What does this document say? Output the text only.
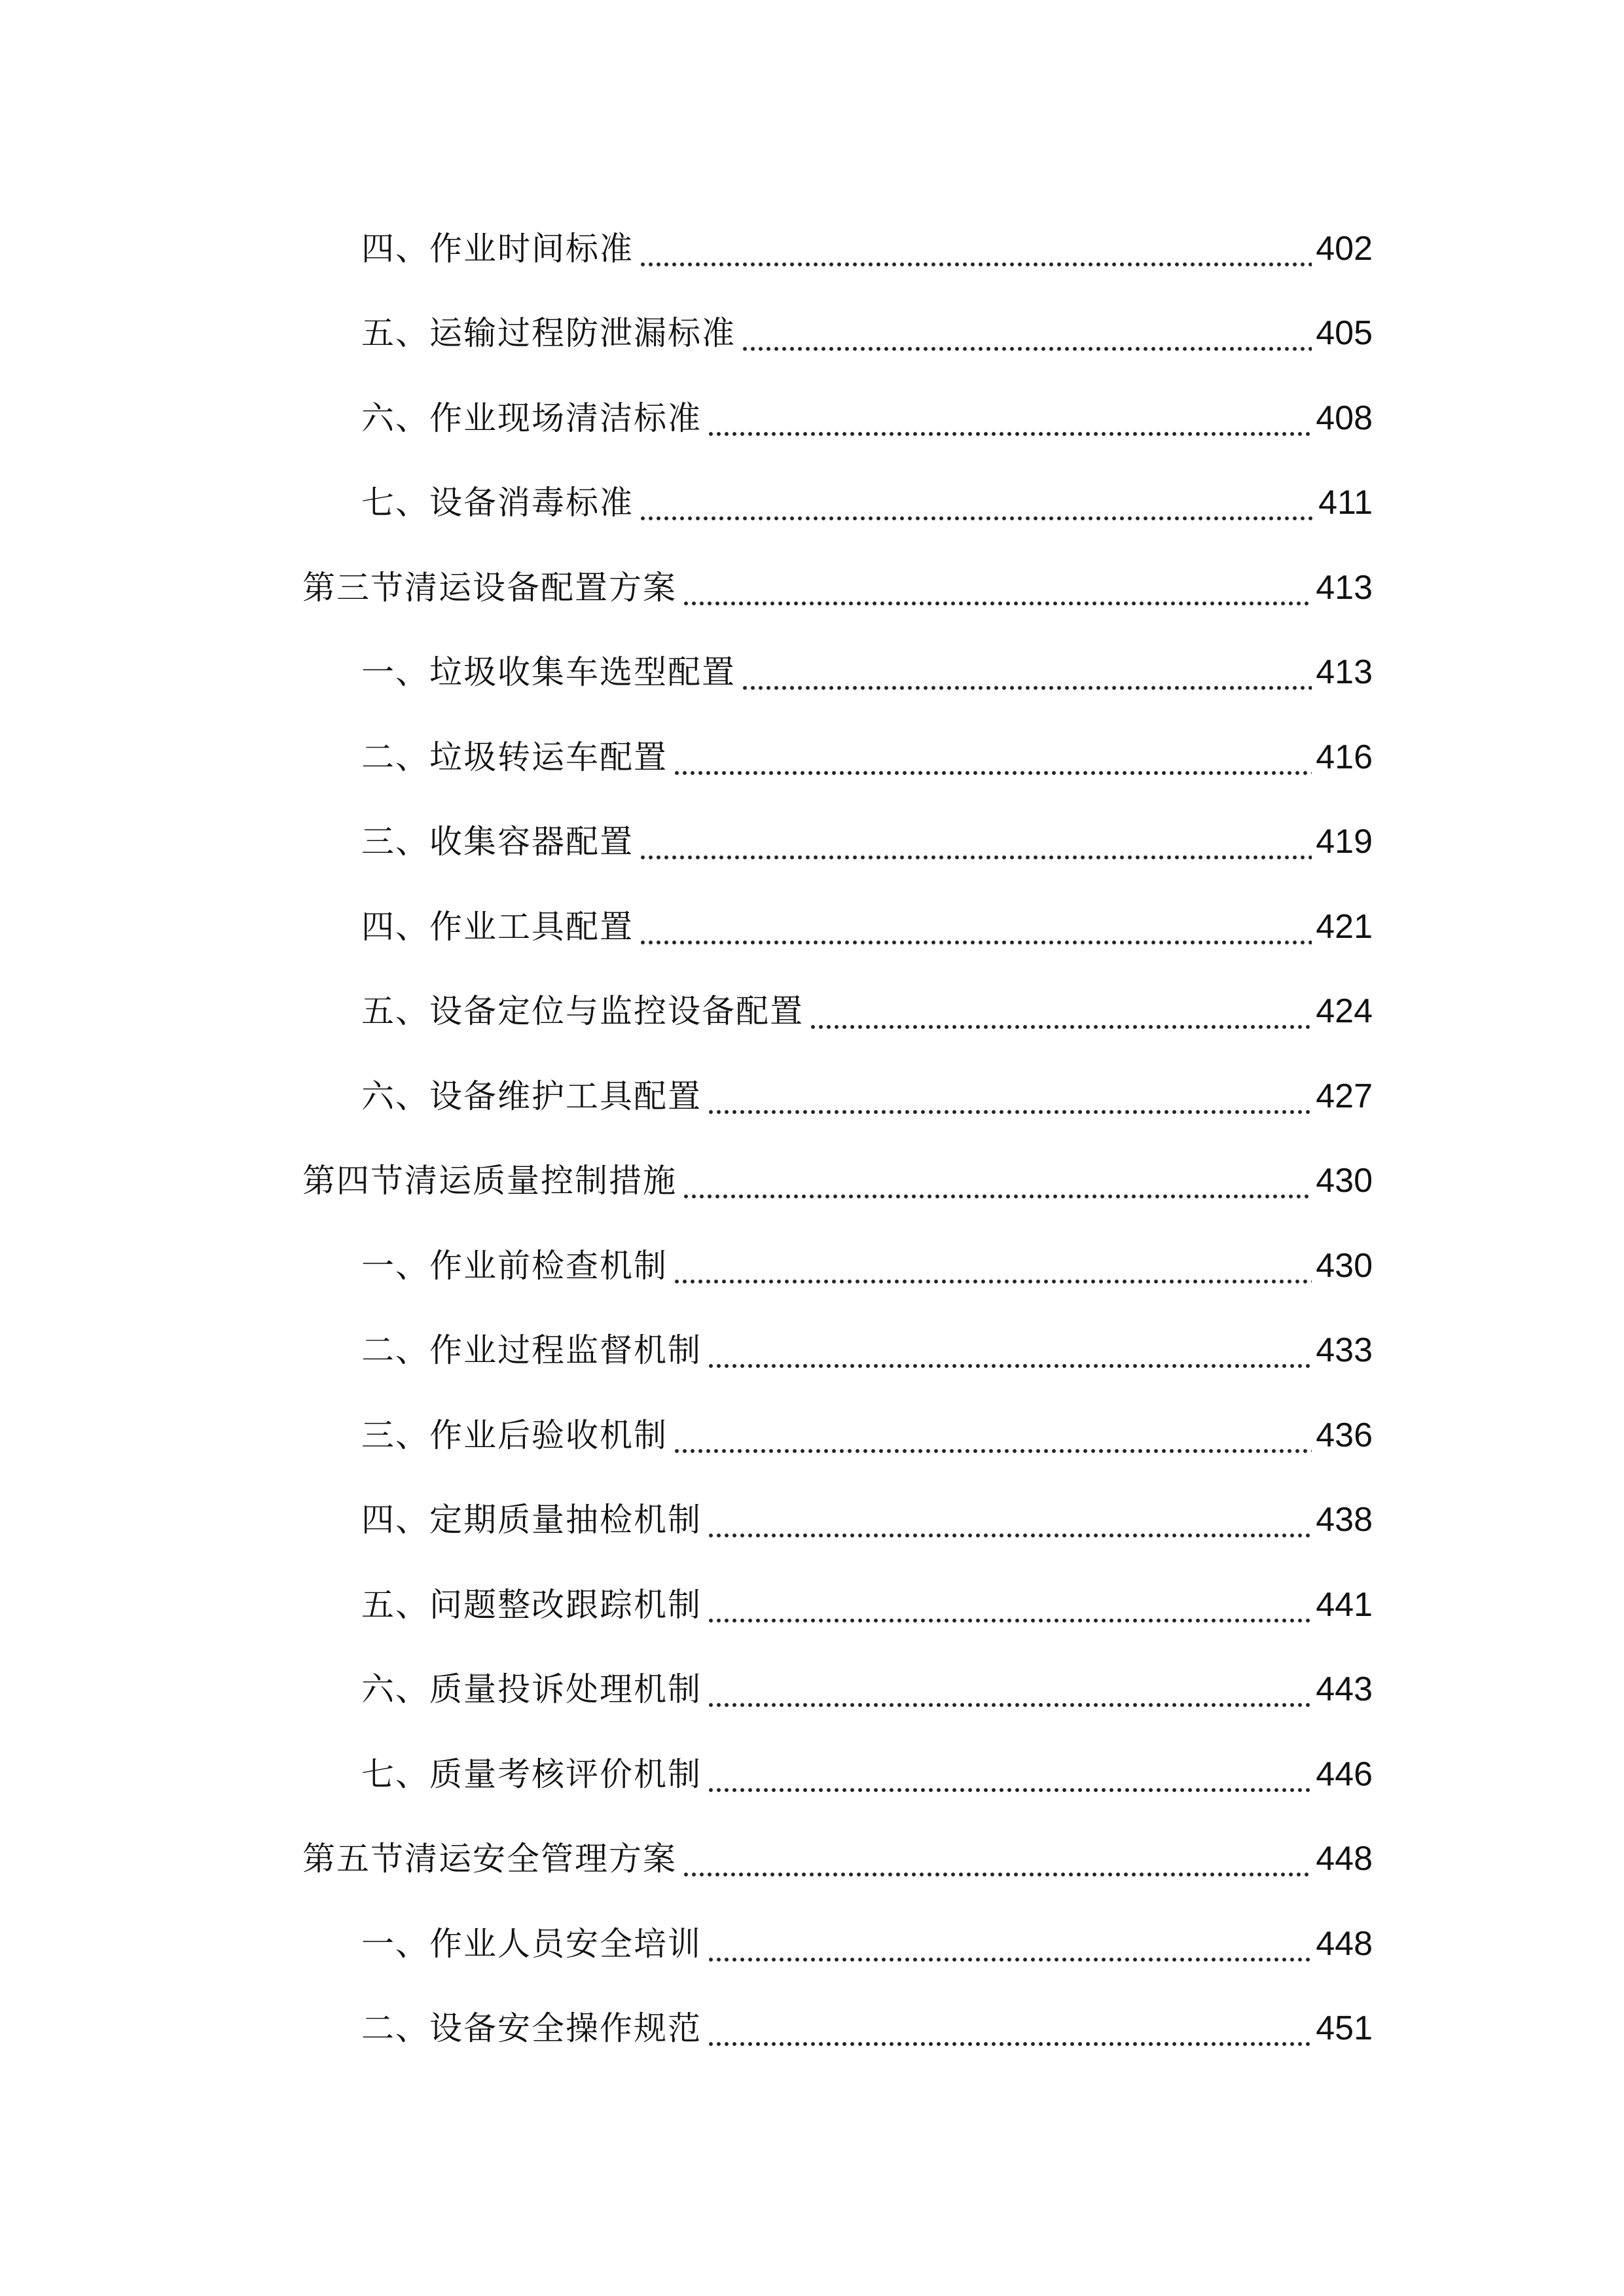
四、作业时间标准	402
五、运输过程防泄漏标准	405
六、作业现场清洁标准	408
七、设备消毒标准	411
第三节清运设备配置方案	413
一、垃圾收集车选型配置	413
二、垃圾转运车配置	416
三、收集容器配置	419
四、作业工具配置	421
五、设备定位与监控设备配置	424
六、设备维护工具配置	427
第四节清运质量控制措施	430
一、作业前检查机制	430
二、作业过程监督机制	433
三、作业后验收机制	436
四、定期质量抽检机制	438
五、问题整改跟踪机制	441
六、质量投诉处理机制	443
七、质量考核评价机制	446
第五节清运安全管理方案	448
一、作业人员安全培训	448
二、设备安全操作规范	451
